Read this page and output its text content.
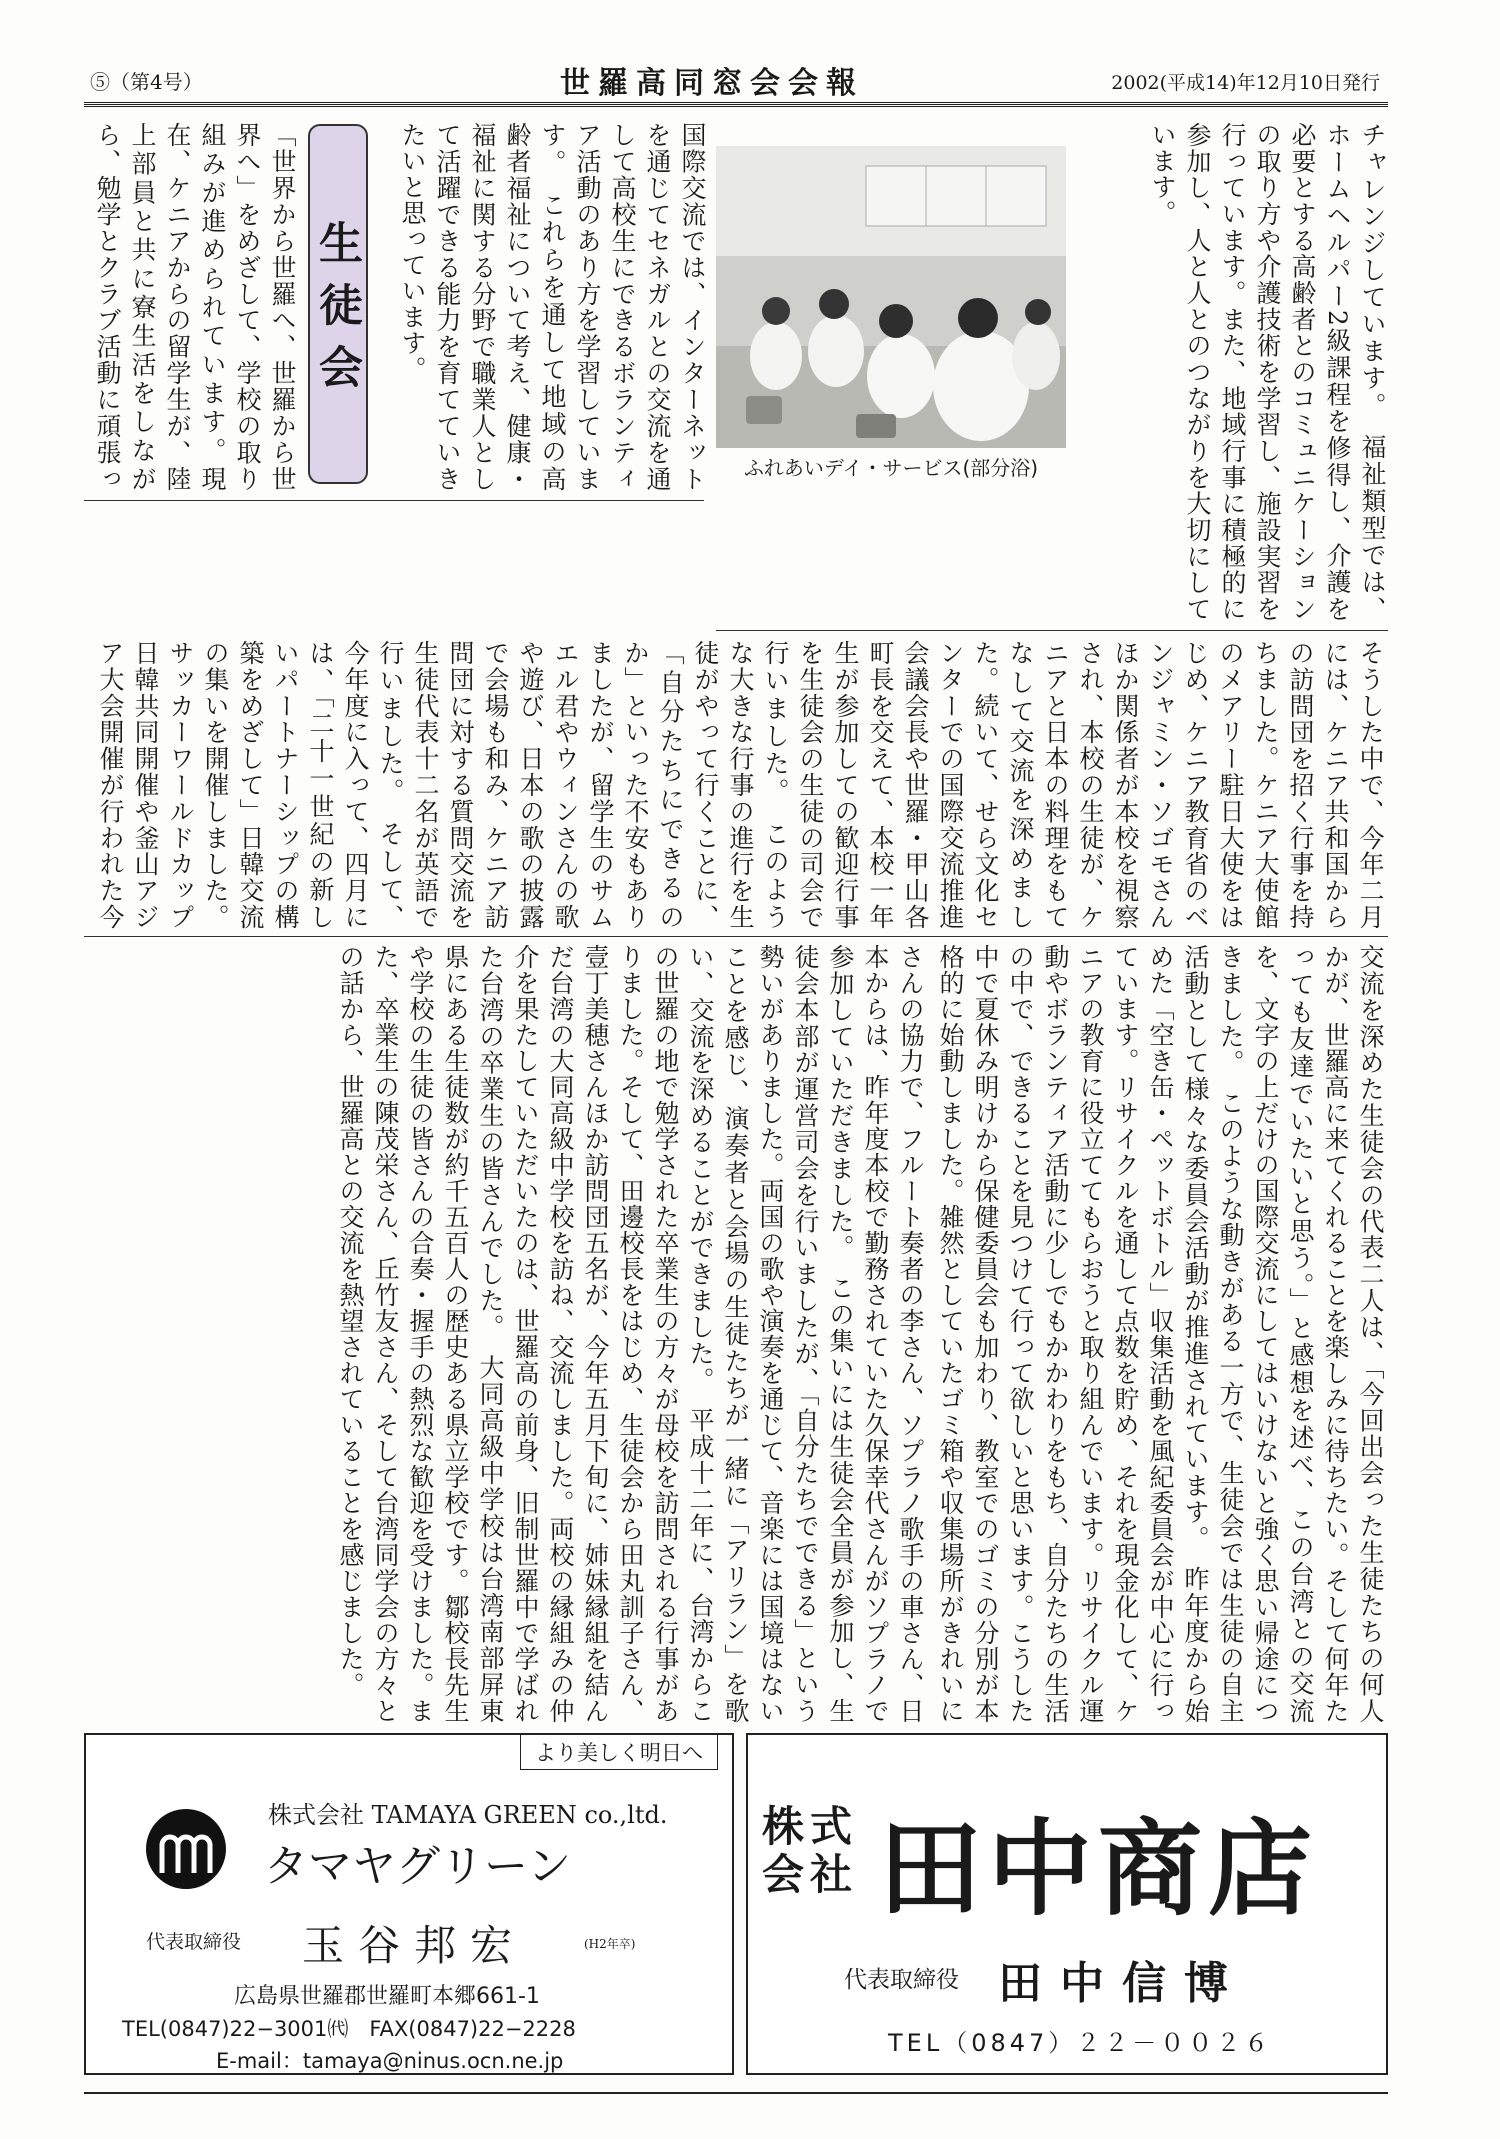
⑤（第4号）	世羅高同窓会会報	2002(平成14)年12月10日発行
チャレンジしています。　福祉類型では、ホームヘルパー2級課程を修得し、介護を必要とする高齢者とのコミュニケーションの取り方や介護技術を学習し、施設実習を行っています。また、地域行事に積極的に参加し、人と人とのつながりを大切にしています。
ふれあいデイ・サービス(部分浴)
国際交流では、インターネットを通じてセネガルとの交流を通して高校生にできるボランティア活動のあり方を学習しています。　これらを通して地域の高齢者福祉について考え、健康・福祉に関する分野で職業人として活躍できる能力を育てていきたいと思っています。
生徒会
「世界から世羅へ、世羅から世界へ」をめざして、学校の取り組みが進められています。現在、ケニアからの留学生が、陸上部員と共に寮生活をしながら、勉学とクラブ活動に頑張っ
そうした中で、今年二月には、ケニア共和国からの訪問団を招く行事を持ちました。ケニア大使館のメアリー駐日大使をはじめ、ケニア教育省のベンジャミン・ソゴモさんほか関係者が本校を視察され、本校の生徒が、ケニアと日本の料理をもてなして交流を深めました。続いて、せら文化センターでの国際交流推進会議会長や世羅・甲山各町長を交えて、本校一年生が参加しての歓迎行事を生徒会の生徒の司会で行いました。　このような大きな行事の進行を生徒がやって行くことに、「自分たちにできるのか」といった不安もありましたが、留学生のサムエル君やウィンさんの歌や遊び、日本の歌の披露で会場も和み、ケニア訪問団に対する質問交流を生徒代表十二名が英語で行いました。　そして、今年度に入って、四月には、「二十一世紀の新しいパートナーシップの構築をめざして」日韓交流の集いを開催しました。サッカーワールドカップ日韓共同開催や釜山アジア大会開催が行われた今　
さんの協力で、フルート奏者の李さん、ソプラノ歌手の車さん、日本からは、昨年度本校で勤務されていた久保幸代さんがソプラノで参加していただきました。　この集いには生徒会全員が参加し、生徒会本部が運営司会を行いましたが、「自分たちでできる」という勢いがありました。両国の歌や演奏を通じて、音楽には国境はないことを感じ、演奏者と会場の生徒たちが一緒に「アリラン」を歌い、交流を深めることができました。　平成十二年に、台湾からこの世羅の地で勉学された卒業生の方々が母校を訪問される行事がありました。そして、田邊校長をはじめ、生徒会から田丸訓子さん、壹丁美穂さんほか訪問団五名が、今年五月下旬に、姉妹縁組を結んだ台湾の大同高級中学校を訪ね、交流しました。両校の縁組みの仲介を果たしていただいたのは、世羅高の前身、旧制世羅中で学ばれた台湾の卒業生の皆さんでした。　大同高級中学校は台湾南部屏東県にある生徒数が約千五百人の歴史ある県立学校です。鄒校長先生や学校の生徒の皆さんの合奏・握手の熱烈な歓迎を受けました。また、卒業生の陳茂栄さん、丘竹友さん、そして台湾同学会の方々との話から、世羅高との交流を熱望されていることを感じました。	交流を深めた生徒会の代表二人は、「今回出会った生徒たちの何人かが、世羅高に来てくれることを楽しみに待ちたい。そして何年たっても友達でいたいと思う。」と感想を述べ、この台湾との交流を、文字の上だけの国際交流にしてはいけないと強く思い帰途につきました。　このような動きがある一方で、生徒会では生徒の自主活動として様々な委員会活動が推進されています。　昨年度から始めた「空き缶・ペットボトル」収集活動を風紀委員会が中心に行っています。リサイクルを通して点数を貯め、それを現金化して、ケニアの教育に役立ててもらおうと取り組んでいます。リサイクル運動やボランティア活動に少しでもかかわりをもち、自分たちの生活の中で、できることを見つけて行って欲しいと思います。こうした中で夏休み明けから保健委員会も加わり、教室でのゴミの分別が本格的に始動しました。雑然としていたゴミ箱や収集場所がきれいに　
より美しく明日へ
株式会社 TAMAYA GREEN co.,ltd.
タマヤグリーン
代表取締役 玉谷邦宏	(H2年卒)
広島県世羅郡世羅町本郷661-1
TEL(0847)22−3001㈹　FAX(0847)22−2228
E-mail：tamaya@ninus.ocn.ne.jp
株式会社 田中商店
代表取締役 田中信博
TEL（0847）２２－００２６
